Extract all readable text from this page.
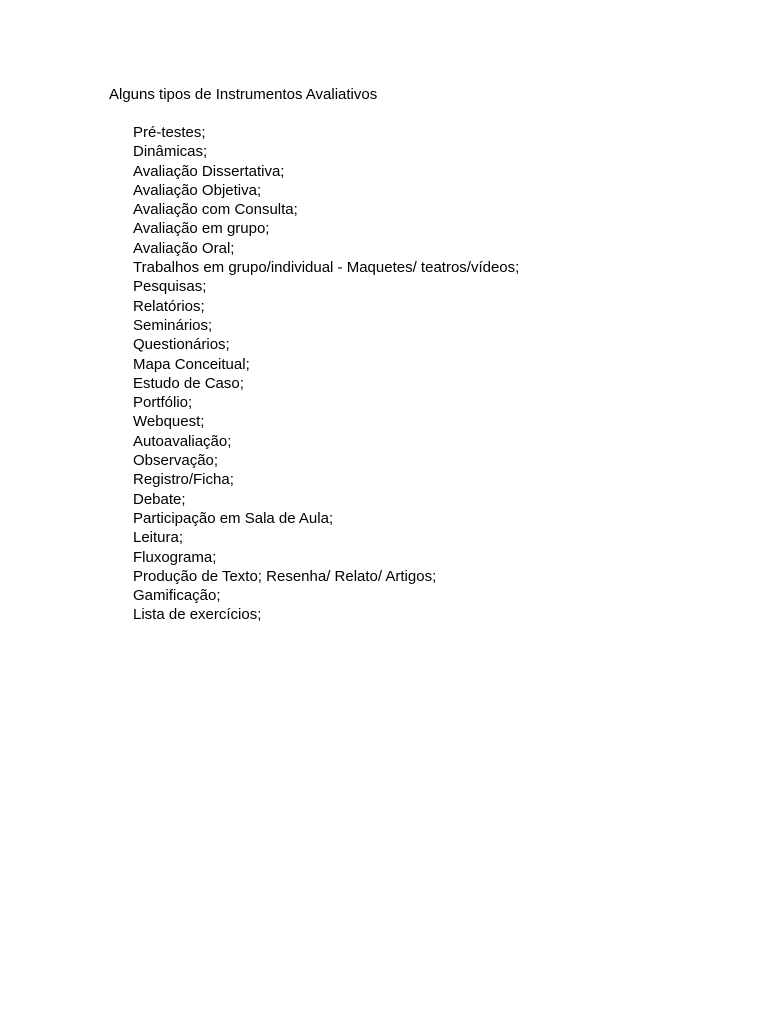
Alguns tipos de Instrumentos Avaliativos
Pré-testes;
Dinâmicas;
Avaliação Dissertativa;
Avaliação Objetiva;
Avaliação com Consulta;
Avaliação em grupo;
Avaliação Oral;
Trabalhos em grupo/individual - Maquetes/ teatros/vídeos;
Pesquisas;
Relatórios;
Seminários;
Questionários;
Mapa Conceitual;
Estudo de Caso;
Portfólio;
Webquest;
Autoavaliação;
Observação;
Registro/Ficha;
Debate;
Participação em Sala de Aula;
Leitura;
Fluxograma;
Produção de Texto; Resenha/ Relato/ Artigos;
Gamificação;
Lista de exercícios;
